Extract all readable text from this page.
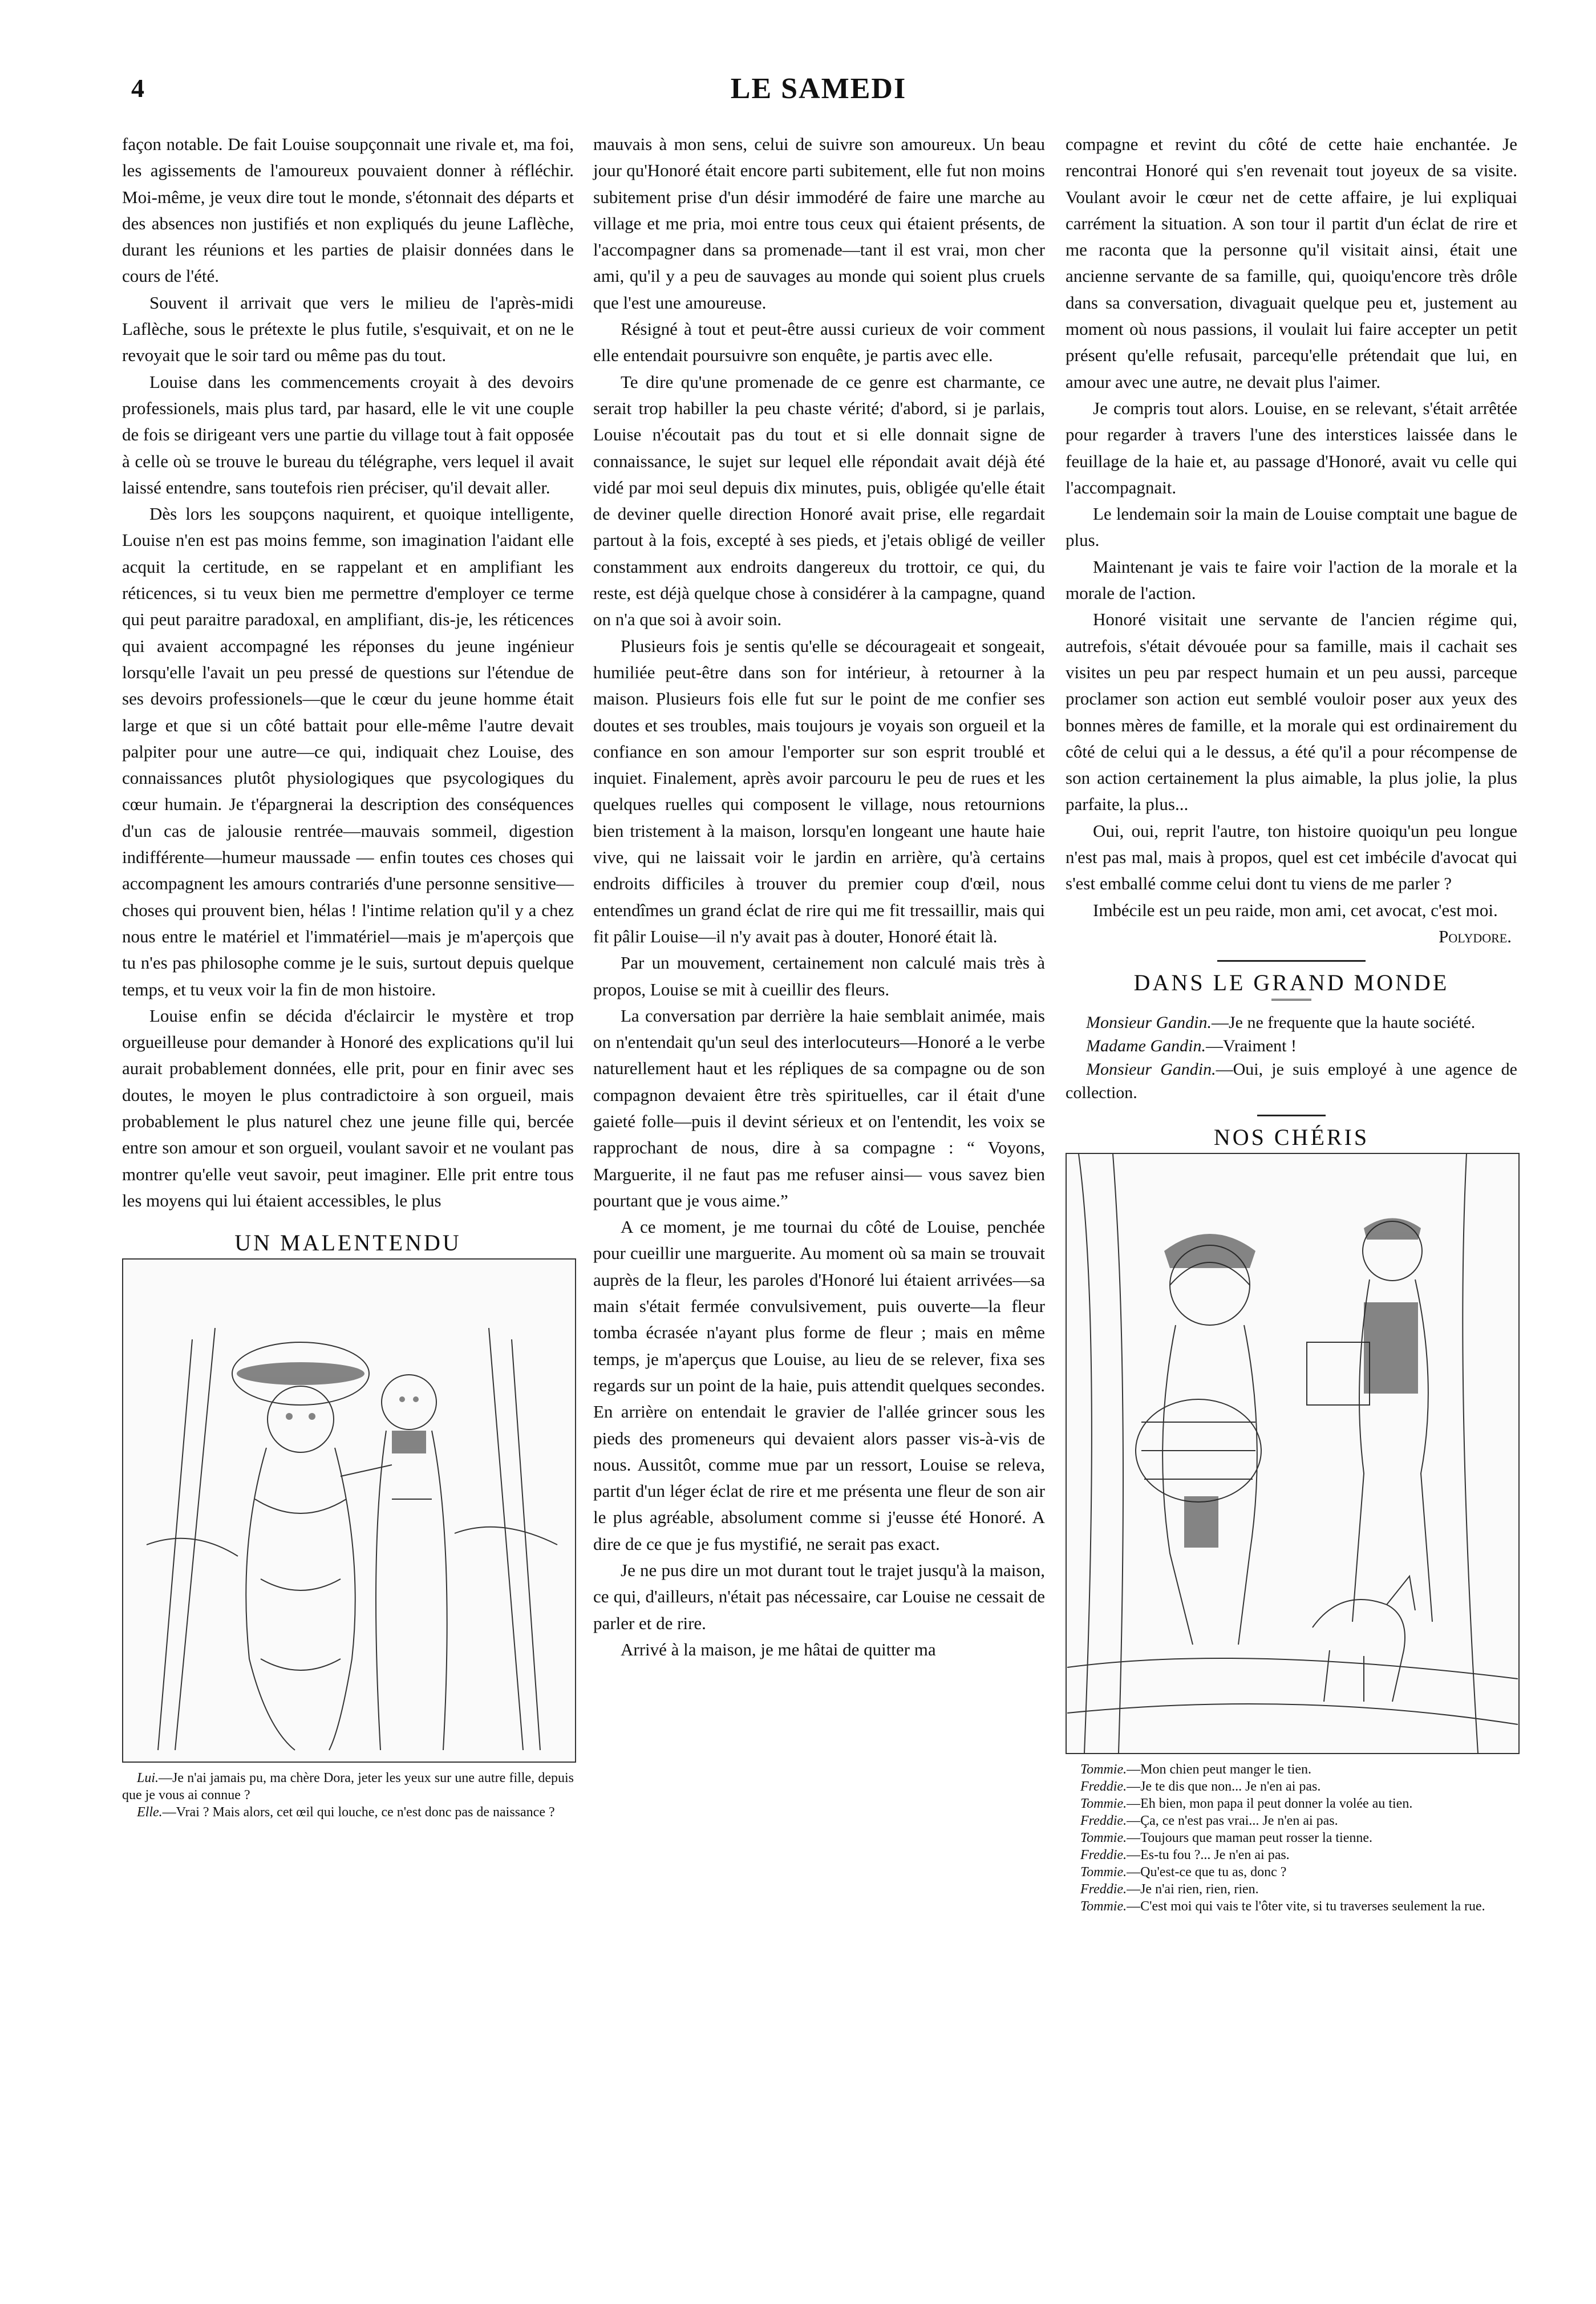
4	LE SAMEDI

façon notable. De fait Louise soupçonnait une rivale et, ma foi, les agissements de l'amoureux pouvaient donner à réfléchir. Moi-même, je veux dire tout le monde, s'étonnait des départs et des absences non justifiés et non expliqués du jeune Laflèche, durant les réunions et les parties de plaisir données dans le cours de l'été.

Souvent il arrivait que vers le milieu de l'après-midi Laflèche, sous le prétexte le plus futile, s'esquivait, et on ne le revoyait que le soir tard ou même pas du tout.

Louise dans les commencements croyait à des devoirs professionels, mais plus tard, par hasard, elle le vit une couple de fois se dirigeant vers une partie du village tout à fait opposée à celle où se trouve le bureau du télégraphe, vers lequel il avait laissé entendre, sans toutefois rien préciser, qu'il devait aller.

Dès lors les soupçons naquirent, et quoique intelligente, Louise n'en est pas moins femme, son imagination l'aidant elle acquit la certitude, en se rappelant et en amplifiant les réticences, si tu veux bien me permettre d'employer ce terme qui peut paraitre paradoxal, en amplifiant, dis-je, les réticences qui avaient accompagné les réponses du jeune ingénieur lorsqu'elle l'avait un peu pressé de questions sur l'étendue de ses devoirs professionels—que le cœur du jeune homme était large et que si un côté battait pour elle-même l'autre devait palpiter pour une autre—ce qui, indiquait chez Louise, des connaissances plutôt physiologiques que psycologiques du cœur humain. Je t'épargnerai la description des conséquences d'un cas de jalousie rentrée—mauvais sommeil, digestion indifférente—humeur maussade — enfin toutes ces choses qui accompagnent les amours contrariés d'une personne sensitive—choses qui prouvent bien, hélas ! l'intime relation qu'il y a chez nous entre le matériel et l'immatériel—mais je m'aperçois que tu n'es pas philosophe comme je le suis, surtout depuis quelque temps, et tu veux voir la fin de mon histoire.

Louise enfin se décida d'éclaircir le mystère et trop orgueilleuse pour demander à Honoré des explications qu'il lui aurait probablement données, elle prit, pour en finir avec ses doutes, le moyen le plus contradictoire à son orgueil, mais probablement le plus naturel chez une jeune fille qui, bercée entre son amour et son orgueil, voulant savoir et ne voulant pas montrer qu'elle veut savoir, peut imaginer. Elle prit entre tous les moyens qui lui étaient accessibles, le plus

UN MALENTENDU

Lui.—Je n'ai jamais pu, ma chère Dora, jeter les yeux sur une autre fille, depuis que je vous ai connue ?

Elle.—Vrai ? Mais alors, cet œil qui louche, ce n'est donc pas de naissance ?

mauvais à mon sens, celui de suivre son amoureux. Un beau jour qu'Honoré était encore parti subitement, elle fut non moins subitement prise d'un désir immodéré de faire une marche au village et me pria, moi entre tous ceux qui étaient présents, de l'accompagner dans sa promenade—tant il est vrai, mon cher ami, qu'il y a peu de sauvages au monde qui soient plus cruels que l'est une amoureuse.

Résigné à tout et peut-être aussi curieux de voir comment elle entendait poursuivre son enquête, je partis avec elle.

Te dire qu'une promenade de ce genre est charmante, ce serait trop habiller la peu chaste vérité; d'abord, si je parlais, Louise n'écoutait pas du tout et si elle donnait signe de connaissance, le sujet sur lequel elle répondait avait déjà été vidé par moi seul depuis dix minutes, puis, obligée qu'elle était de deviner quelle direction Honoré avait prise, elle regardait partout à la fois, excepté à ses pieds, et j'etais obligé de veiller constamment aux endroits dangereux du trottoir, ce qui, du reste, est déjà quelque chose à considérer à la campagne, quand on n'a que soi à avoir soin.

Plusieurs fois je sentis qu'elle se décourageait et songeait, humiliée peut-être dans son for intérieur, à retourner à la maison. Plusieurs fois elle fut sur le point de me confier ses doutes et ses troubles, mais toujours je voyais son orgueil et la confiance en son amour l'emporter sur son esprit troublé et inquiet. Finalement, après avoir parcouru le peu de rues et les quelques ruelles qui composent le village, nous retournions bien tristement à la maison, lorsqu'en longeant une haute haie vive, qui ne laissait voir le jardin en arrière, qu'à certains endroits difficiles à trouver du premier coup d'œil, nous entendîmes un grand éclat de rire qui me fit tressaillir, mais qui fit pâlir Louise—il n'y avait pas à douter, Honoré était là.

Par un mouvement, certainement non calculé mais très à propos, Louise se mit à cueillir des fleurs.

La conversation par derrière la haie semblait animée, mais on n'entendait qu'un seul des interlocuteurs—Honoré a le verbe naturellement haut et les répliques de sa compagne ou de son compagnon devaient être très spirituelles, car il était d'une gaieté folle—puis il devint sérieux et on l'entendit, les voix se rapprochant de nous, dire à sa compagne : “ Voyons, Marguerite, il ne faut pas me refuser ainsi— vous savez bien pourtant que je vous aime.”

A ce moment, je me tournai du côté de Louise, penchée pour cueillir une marguerite. Au moment où sa main se trouvait auprès de la fleur, les paroles d'Honoré lui étaient arrivées—sa main s'était fermée convulsivement, puis ouverte—la fleur tomba écrasée n'ayant plus forme de fleur ; mais en même temps, je m'aperçus que Louise, au lieu de se relever, fixa ses regards sur un point de la haie, puis attendit quelques secondes. En arrière on entendait le gravier de l'allée grincer sous les pieds des promeneurs qui devaient alors passer vis-à-vis de nous. Aussitôt, comme mue par un ressort, Louise se releva, partit d'un léger éclat de rire et me présenta une fleur de son air le plus agréable, absolument comme si j'eusse été Honoré. A dire de ce que je fus mystifié, ne serait pas exact.

Je ne pus dire un mot durant tout le trajet jusqu'à la maison, ce qui, d'ailleurs, n'était pas nécessaire, car Louise ne cessait de parler et de rire.

Arrivé à la maison, je me hâtai de quitter ma

compagne et revint du côté de cette haie enchantée. Je rencontrai Honoré qui s'en revenait tout joyeux de sa visite. Voulant avoir le cœur net de cette affaire, je lui expliquai carrément la situation. A son tour il partit d'un éclat de rire et me raconta que la personne qu'il visitait ainsi, était une ancienne servante de sa famille, qui, quoiqu'encore très drôle dans sa conversation, divaguait quelque peu et, justement au moment où nous passions, il voulait lui faire accepter un petit présent qu'elle refusait, parcequ'elle prétendait que lui, en amour avec une autre, ne devait plus l'aimer.

Je compris tout alors. Louise, en se relevant, s'était arrêtée pour regarder à travers l'une des interstices laissée dans le feuillage de la haie et, au passage d'Honoré, avait vu celle qui l'accompagnait.

Le lendemain soir la main de Louise comptait une bague de plus.

Maintenant je vais te faire voir l'action de la morale et la morale de l'action.

Honoré visitait une servante de l'ancien régime qui, autrefois, s'était dévouée pour sa famille, mais il cachait ses visites un peu par respect humain et un peu aussi, parceque proclamer son action eut semblé vouloir poser aux yeux des bonnes mères de famille, et la morale qui est ordinairement du côté de celui qui a le dessus, a été qu'il a pour récompense de son action certainement la plus aimable, la plus jolie, la plus parfaite, la plus...

Oui, oui, reprit l'autre, ton histoire quoiqu'un peu longue n'est pas mal, mais à propos, quel est cet imbécile d'avocat qui s'est emballé comme celui dont tu viens de me parler ?

Imbécile est un peu raide, mon ami, cet avocat, c'est moi.

Polydore.

DANS LE GRAND MONDE

Monsieur Gandin.—Je ne frequente que la haute société.

Madame Gandin.—Vraiment !

Monsieur Gandin.—Oui, je suis employé à une agence de collection.

NOS CHÉRIS

Tommie.—Mon chien peut manger le tien.

Freddie.—Je te dis que non... Je n'en ai pas.

Tommie.—Eh bien, mon papa il peut donner la volée au tien.

Freddie.—Ça, ce n'est pas vrai... Je n'en ai pas.

Tommie.—Toujours que maman peut rosser la tienne.

Freddie.—Es-tu fou ?... Je n'en ai pas.

Tommie.—Qu'est-ce que tu as, donc ?

Freddie.—Je n'ai rien, rien, rien.

Tommie.—C'est moi qui vais te l'ôter vite, si tu traverses seulement la rue.
